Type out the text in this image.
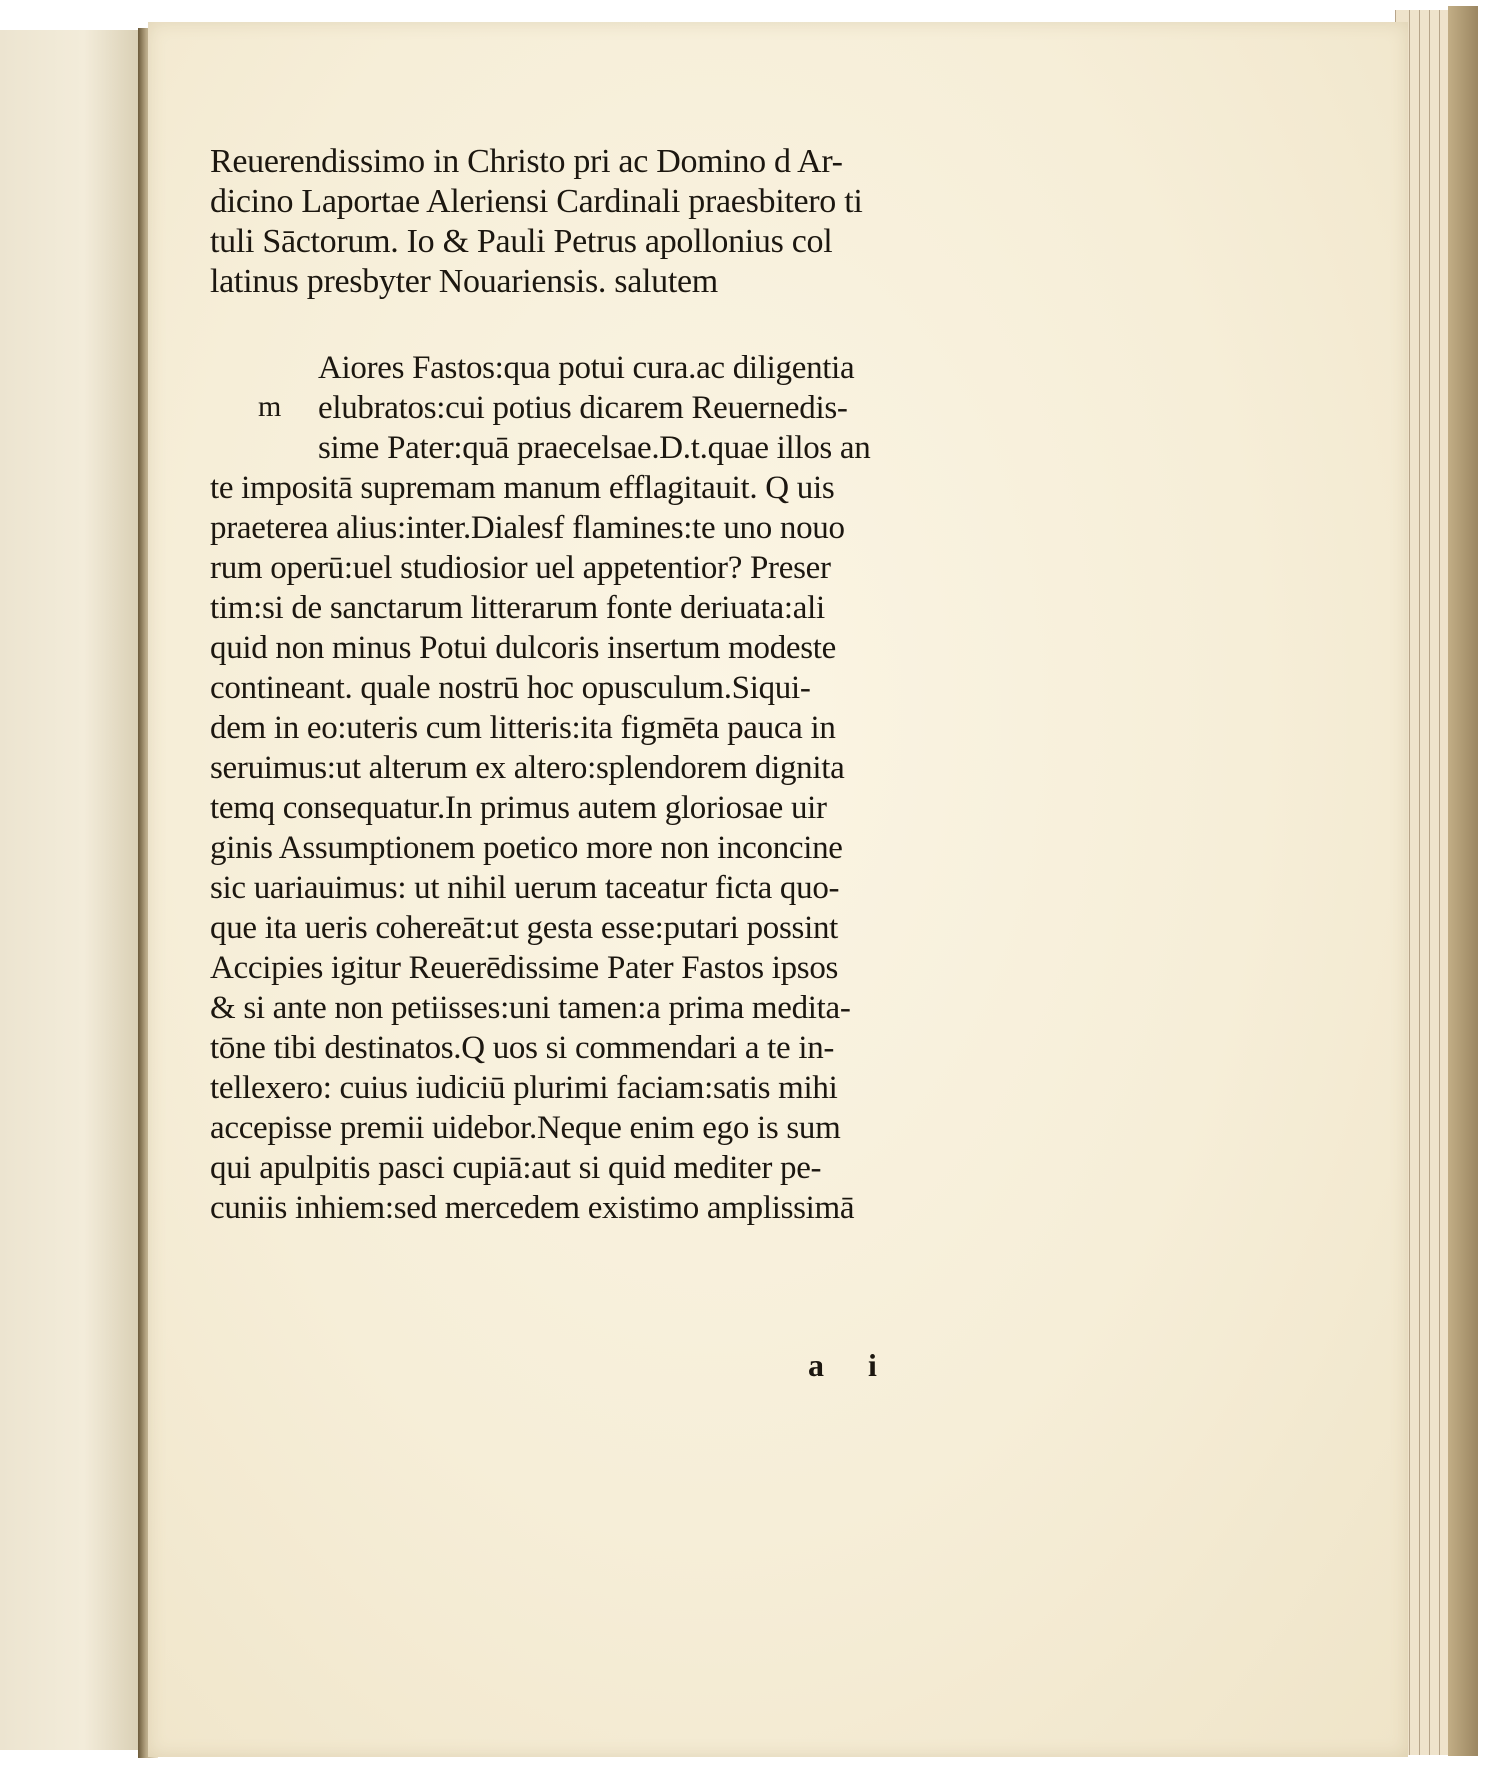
Reuerendissimo in Christo pri ac Domino d Ar-
dicino Laportae Aleriensi Cardinali praesbitero ti
tuli Sāctorum. Io & Pauli Petrus apollonius col
latinus presbyter Nouariensis. salutem
m
Aiores Fastos:qua potui cura.ac diligentia
elubratos:cui potius dicarem Reuernedis-
sime Pater:quā praecelsae.D.t.quae illos an
te impositā supremam manum efflagitauit. Q uis
praeterea alius:inter.Dialesf flamines:te uno nouo
rum operū:uel studiosior uel appetentior? Preser
tim:si de sanctarum litterarum fonte deriuata:ali
quid non minus Potui dulcoris insertum modeste
contineant. quale nostrū hoc opusculum.Siqui-
dem in eo:uteris cum litteris:ita figmēta pauca in
seruimus:ut alterum ex altero:splendorem dignita
temq consequatur.In primus autem gloriosae uir
ginis Assumptionem poetico more non inconcine
sic uariauimus: ut nihil uerum taceatur ficta quo-
que ita ueris cohereāt:ut gesta esse:putari possint
Accipies igitur Reuerēdissime Pater Fastos ipsos
& si ante non petiisses:uni tamen:a prima medita-
tōne tibi destinatos.Q uos si commendari a te in-
tellexero: cuius iudiciū plurimi faciam:satis mihi
accepisse premii uidebor.Neque enim ego is sum
qui apulpitis pasci cupiā:aut si quid mediter pe-
cuniis inhiem:sed mercedem existimo amplissimā
a i
